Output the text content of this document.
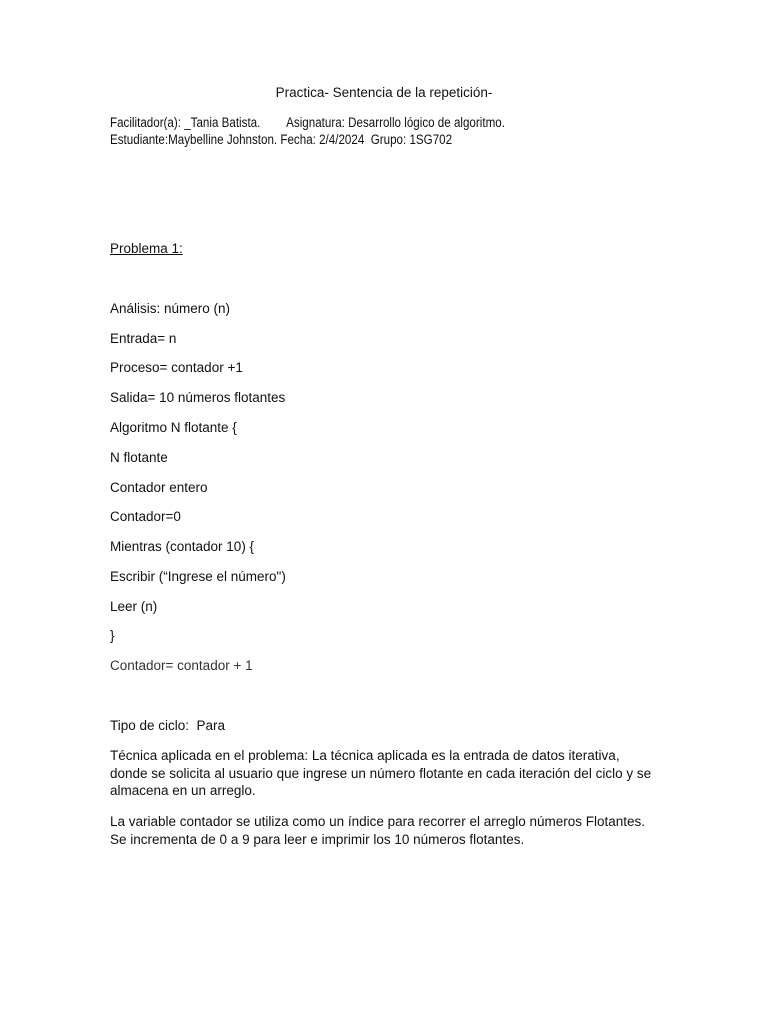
Practica- Sentencia de la repetición-
Facilitador(a): _Tania Batista. Asignatura: Desarrollo lógico de algoritmo.
Estudiante:Maybelline Johnston. Fecha: 2/4/2024  Grupo: 1SG702
Problema 1:
Análisis: número (n)
Entrada= n
Proceso= contador +1
Salida= 10 números flotantes
Algoritmo N flotante {
N flotante
Contador entero
Contador=0
Mientras (contador 10) {
Escribir (“Ingrese el número")
Leer (n)
}
Contador= contador + 1
Tipo de ciclo:  Para
Técnica aplicada en el problema: La técnica aplicada es la entrada de datos iterativa, donde se solicita al usuario que ingrese un número flotante en cada iteración del ciclo y se almacena en un arreglo.
La variable contador se utiliza como un índice para recorrer el arreglo números Flotantes. Se incrementa de 0 a 9 para leer e imprimir los 10 números flotantes.
